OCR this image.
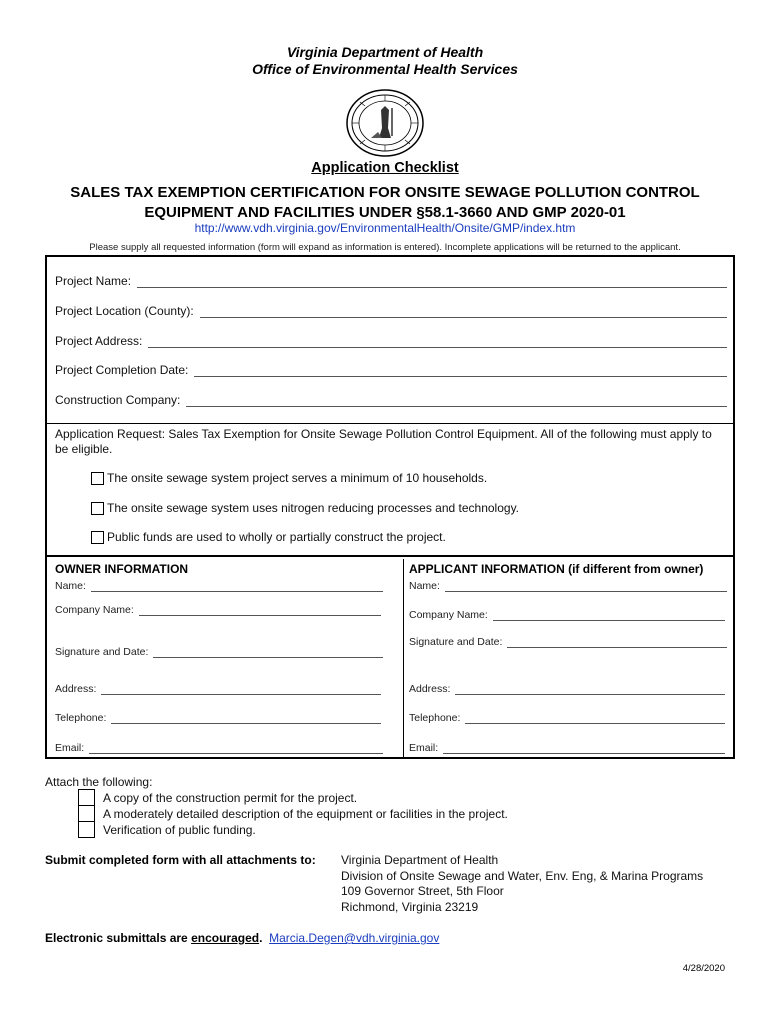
Virginia Department of Health
Office of Environmental Health Services
Application Checklist
SALES TAX EXEMPTION CERTIFICATION FOR ONSITE SEWAGE POLLUTION CONTROL
EQUIPMENT AND FACILITIES UNDER §58.1-3660 AND GMP 2020-01
http://www.vdh.virginia.gov/EnvironmentalHealth/Onsite/GMP/index.htm
Please supply all requested information (form will expand as information is entered). Incomplete applications will be returned to the applicant.
Project Name:
Project Location (County):
Project Address:
Project Completion Date:
Construction Company:
Application Request: Sales Tax Exemption for Onsite Sewage Pollution Control Equipment. All of the following must apply to be eligible.
The onsite sewage system project serves a minimum of 10 households.
The onsite sewage system uses nitrogen reducing processes and technology.
Public funds are used to wholly or partially construct the project.
OWNER INFORMATION	APPLICANT INFORMATION (if different from owner)
Name:
Company Name:
Signature and Date:
Address:
Telephone:
Email:
Name:
Company Name:
Signature and Date:
Address:
Telephone:
Email:
Attach the following:
A copy of the construction permit for the project.
A moderately detailed description of the equipment or facilities in the project.
Verification of public funding.
Submit completed form with all attachments to: Virginia Department of Health
Division of Onsite Sewage and Water, Env. Eng, & Marina Programs
109 Governor Street, 5th Floor
Richmond, Virginia 23219
Electronic submittals are encouraged. Marcia.Degen@vdh.virginia.gov
4/28/2020
